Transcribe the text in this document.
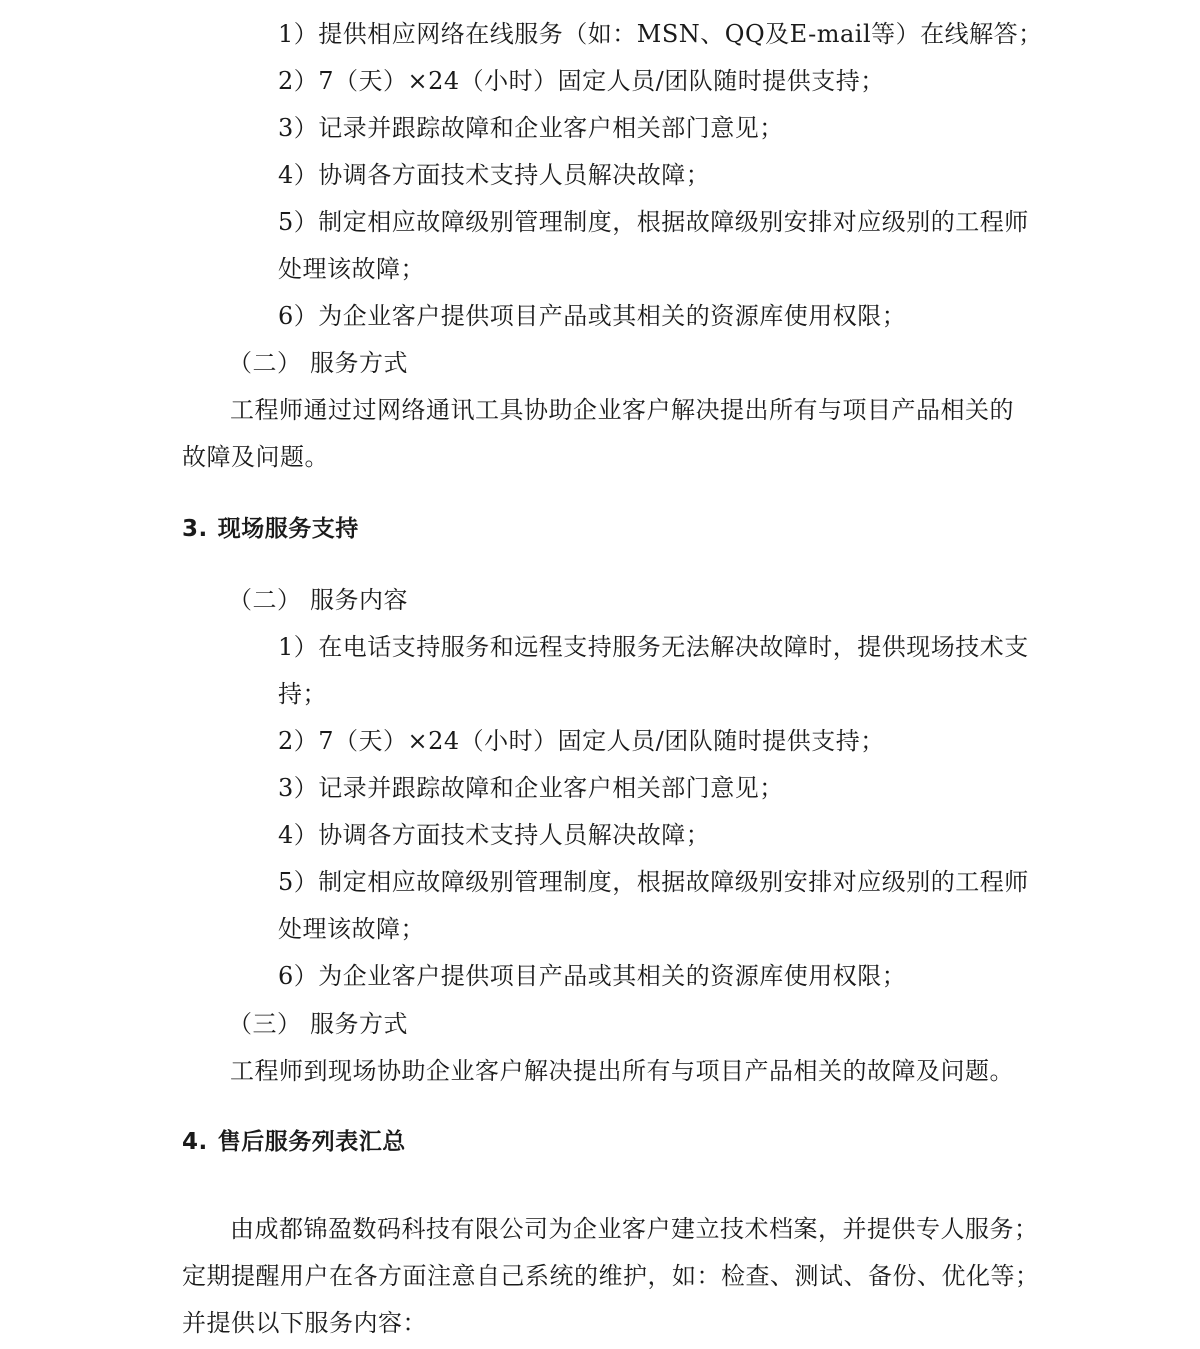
1）提供相应网络在线服务（如：MSN、QQ及E-mail等）在线解答；
2）7（天）×24（小时）固定人员/团队随时提供支持；
3）记录并跟踪故障和企业客户相关部门意见；
4）协调各方面技术支持人员解决故障；
5）制定相应故障级别管理制度，根据故障级别安排对应级别的工程师
处理该故障；
6）为企业客户提供项目产品或其相关的资源库使用权限；
（二） 服务方式
工程师通过过网络通讯工具协助企业客户解决提出所有与项目产品相关的
故障及问题。
3. 现场服务支持
（二） 服务内容
1）在电话支持服务和远程支持服务无法解决故障时，提供现场技术支
持；
2）7（天）×24（小时）固定人员/团队随时提供支持；
3）记录并跟踪故障和企业客户相关部门意见；
4）协调各方面技术支持人员解决故障；
5）制定相应故障级别管理制度，根据故障级别安排对应级别的工程师
处理该故障；
6）为企业客户提供项目产品或其相关的资源库使用权限；
（三） 服务方式
工程师到现场协助企业客户解决提出所有与项目产品相关的故障及问题。
4. 售后服务列表汇总
由成都锦盈数码科技有限公司为企业客户建立技术档案，并提供专人服务；
定期提醒用户在各方面注意自己系统的维护，如：检查、测试、备份、优化等；
并提供以下服务内容：
